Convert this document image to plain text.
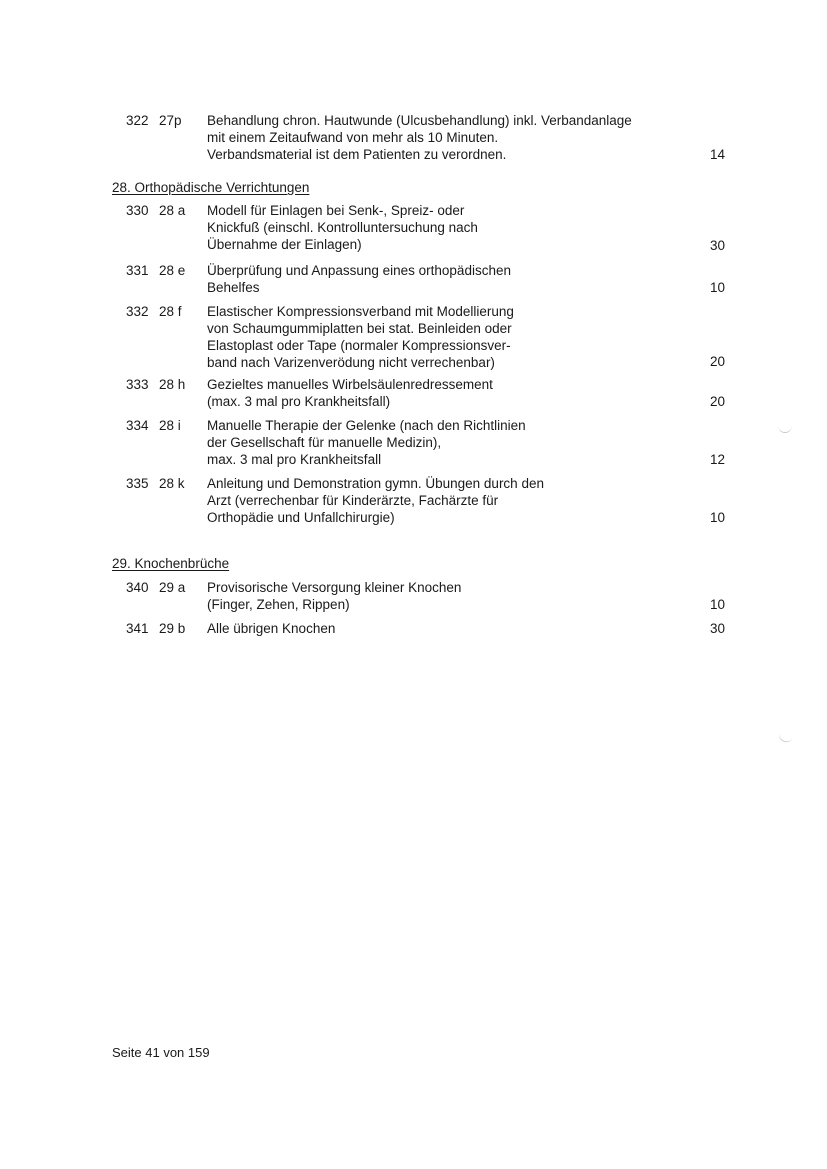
322 27p	Behandlung chron. Hautwunde (Ulcusbehandlung) inkl. Verbandanlage
mit einem Zeitaufwand von mehr als 10 Minuten.
Verbandsmaterial ist dem Patienten zu verordnen.	14
28. Orthopädische Verrichtungen
330 28 a	Modell für Einlagen bei Senk-, Spreiz- oder
Knickfuß (einschl. Kontrolluntersuchung nach
Übernahme der Einlagen)	30
331 28 e	Überprüfung und Anpassung eines orthopädischen
Behelfes	10
332 28 f	Elastischer Kompressionsverband mit Modellierung
von Schaumgummiplatten bei stat. Beinleiden oder
Elastoplast oder Tape (normaler Kompressionsver-
band nach Varizenverödung nicht verrechenbar)	20
333 28 h	Gezieltes manuelles Wirbelsäulenredressement
(max. 3 mal pro Krankheitsfall)	20
334 28 i	Manuelle Therapie der Gelenke (nach den Richtlinien
der Gesellschaft für manuelle Medizin),
max. 3 mal pro Krankheitsfall	12
335 28 k	Anleitung und Demonstration gymn. Übungen durch den
Arzt (verrechenbar für Kinderärzte, Fachärzte für
Orthopädie und Unfallchirurgie)	10
29. Knochenbrüche
340 29 a	Provisorische Versorgung kleiner Knochen
(Finger, Zehen, Rippen)	10
341 29 b	Alle übrigen Knochen	30
Seite 41 von 159
